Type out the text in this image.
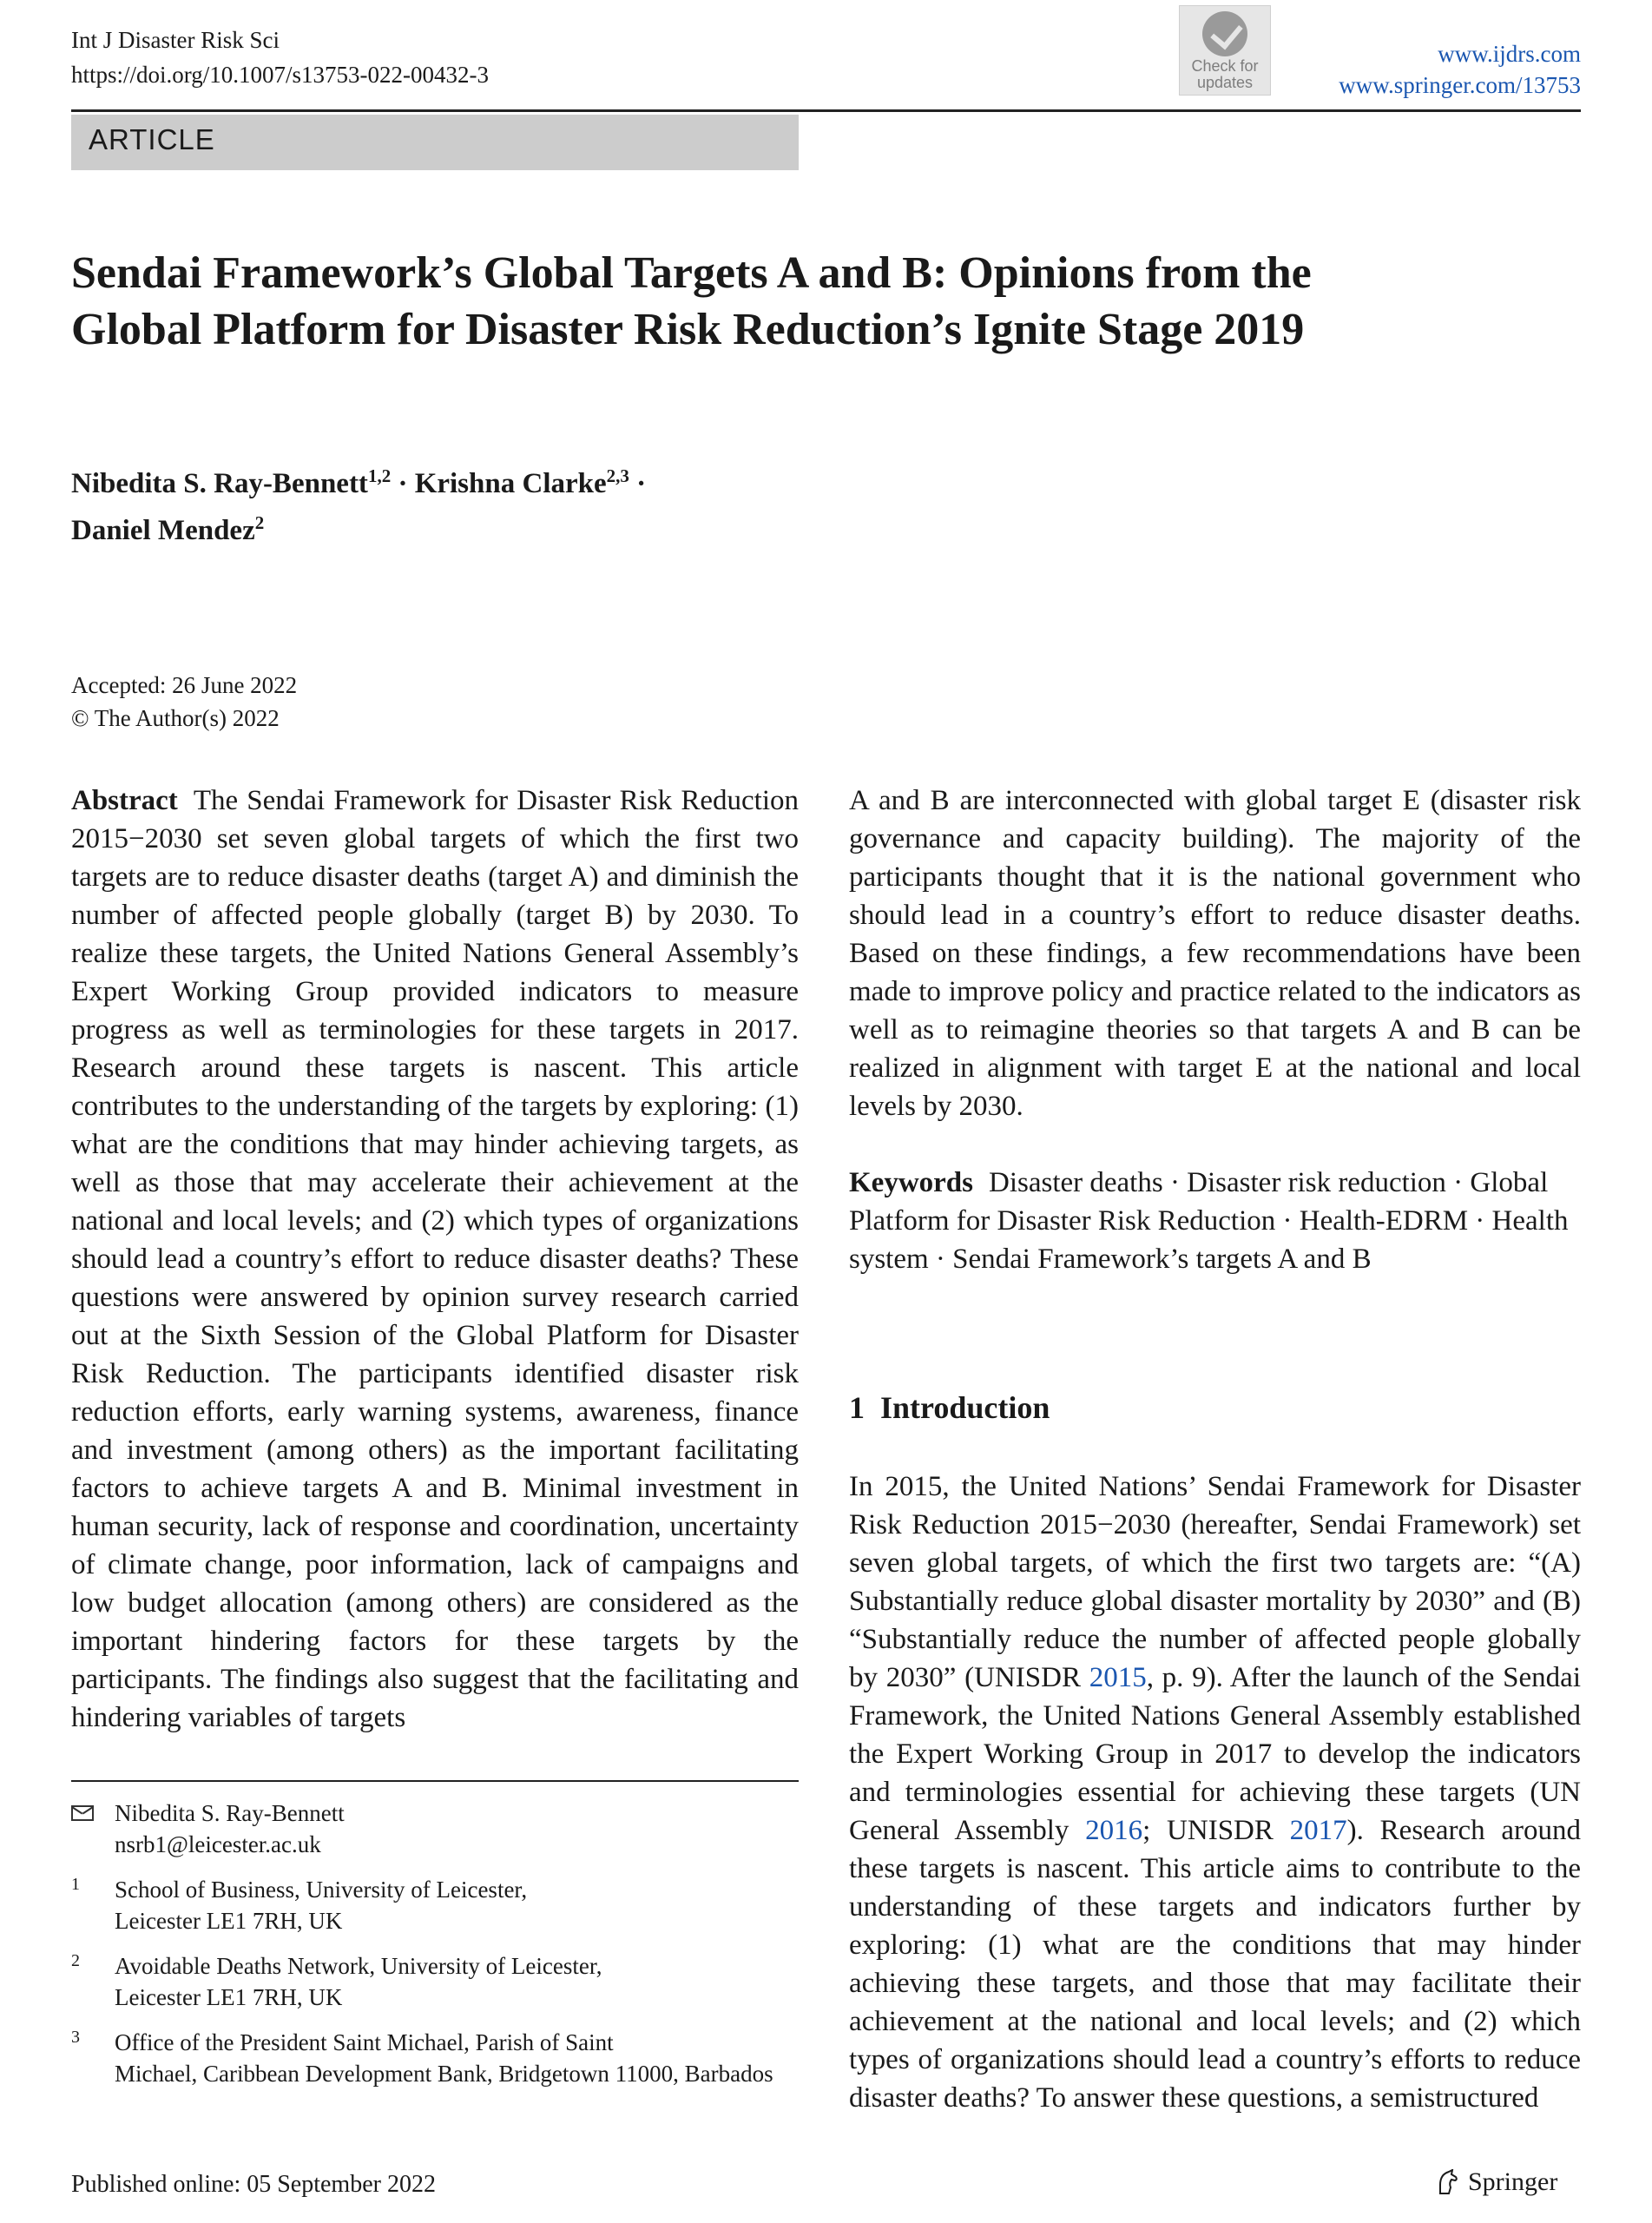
Int J Disaster Risk Sci
https://doi.org/10.1007/s13753-022-00432-3	Check for
updates
www.ijdrs.com
www.springer.com/13753
ARTICLE
Sendai Framework’s Global Targets A and B: Opinions from the Global Platform for Disaster Risk Reduction’s Ignite Stage 2019
Nibedita S. Ray-Bennett$^{1,2}$ · Krishna Clarke$^{2,3}$ ·
Daniel Mendez$^2$
Accepted: 26 June 2022
© The Author(s) 2022
Abstract The Sendai Framework for Disaster Risk Reduction 2015−2030 set seven global targets of which the first two targets are to reduce disaster deaths (target A) and diminish the number of affected people globally (target B) by 2030. To realize these targets, the United Nations General Assembly’s Expert Working Group provided indicators to measure progress as well as terminologies for these targets in 2017. Research around these targets is nascent. This article contributes to the understanding of the targets by exploring: (1) what are the conditions that may hinder achieving targets, as well as those that may accelerate their achievement at the national and local levels; and (2) which types of organizations should lead a country’s effort to reduce disaster deaths? These questions were answered by opinion survey research carried out at the Sixth Session of the Global Platform for Disaster Risk Reduction. The participants identified disaster risk reduction efforts, early warning systems, awareness, finance and investment (among others) as the important facilitating factors to achieve targets A and B. Minimal investment in human security, lack of response and coordination, uncertainty of climate change, poor information, lack of campaigns and low budget allocation (among others) are considered as the important hindering factors for these targets by the participants. The findings also suggest that the facilitating and hindering variables of targets
A and B are interconnected with global target E (disaster risk governance and capacity building). The majority of the participants thought that it is the national government who should lead in a country’s effort to reduce disaster deaths. Based on these findings, a few recommendations have been made to improve policy and practice related to the indicators as well as to reimagine theories so that targets A and B can be realized in alignment with target E at the national and local levels by 2030.
Keywords Disaster deaths · Disaster risk reduction · Global Platform for Disaster Risk Reduction · Health-EDRM · Health system · Sendai Framework’s targets A and B
1 Introduction
In 2015, the United Nations’ Sendai Framework for Disaster Risk Reduction 2015−2030 (hereafter, Sendai Framework) set seven global targets, of which the first two targets are: “(A) Substantially reduce global disaster mortality by 2030” and (B) “Substantially reduce the number of affected people globally by 2030” (UNISDR 2015, p. 9). After the launch of the Sendai Framework, the United Nations General Assembly established the Expert Working Group in 2017 to develop the indicators and terminologies essential for achieving these targets (UN General Assembly 2016; UNISDR 2017). Research around these targets is nascent. This article aims to contribute to the understanding of these targets and indicators further by exploring: (1) what are the conditions that may hinder achieving these targets, and those that may facilitate their achievement at the national and local levels; and (2) which types of organizations should lead a country’s efforts to reduce disaster deaths? To answer these questions, a semistructured
Nibedita S. Ray-Bennett
nsrb1@leicester.ac.uk
1 School of Business, University of Leicester,
Leicester LE1 7RH, UK
2 Avoidable Deaths Network, University of Leicester,
Leicester LE1 7RH, UK
3 Office of the President Saint Michael, Parish of Saint
Michael, Caribbean Development Bank, Bridgetown 11000, Barbados
Published online: 05 September 2022	Springer
